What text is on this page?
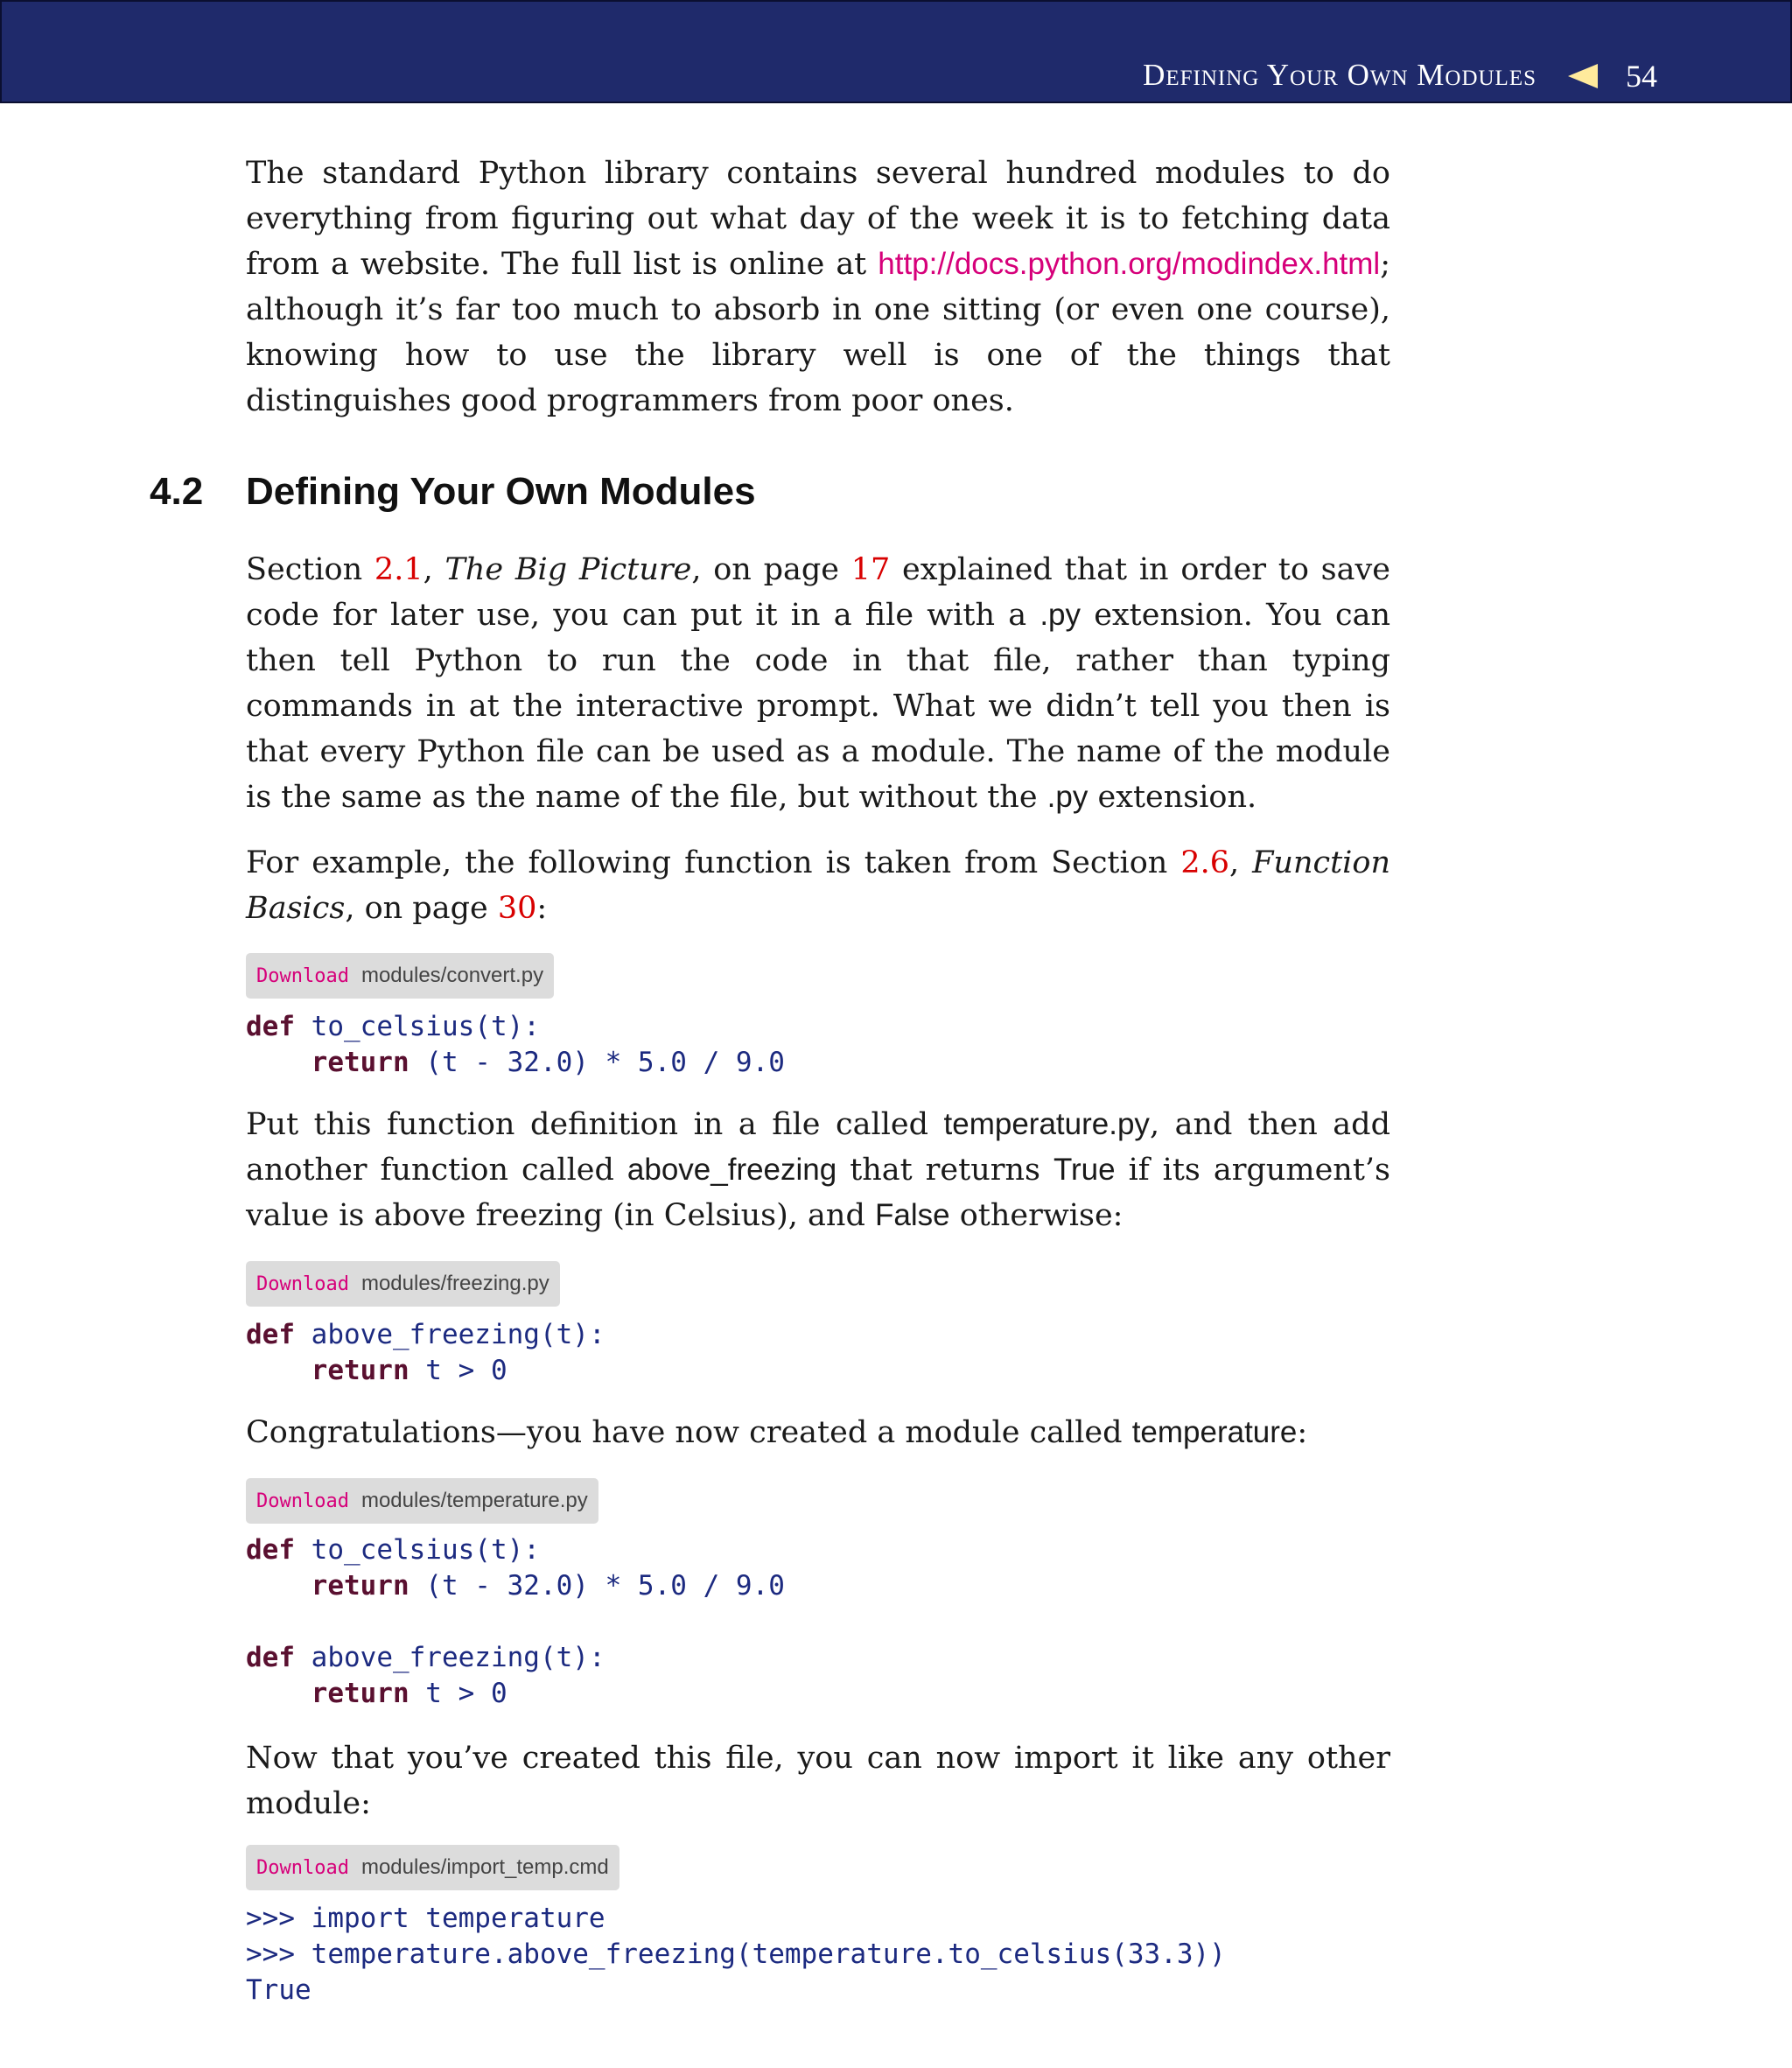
Defining Your Own Modules	54

The standard Python library contains several hundred modules to do everything from figuring out what day of the week it is to fetching data from a website. The full list is online at http://docs.python.org/modindex.html; although it’s far too much to absorb in one sitting (or even one course), knowing how to use the library well is one of the things that distinguishes good programmers from poor ones.

4.2 Defining Your Own Modules

Section 2.1, The Big Picture, on page 17 explained that in order to save code for later use, you can put it in a file with a .py extension. You can then tell Python to run the code in that file, rather than typing commands in at the interactive prompt. What we didn’t tell you then is that every Python file can be used as a module. The name of the module is the same as the name of the file, but without the .py extension.

For example, the following function is taken from Section 2.6, Function Basics, on page 30:

Download modules/convert.py
def to_celsius(t):
return (t - 32.0) * 5.0 / 9.0

Put this function definition in a file called temperature.py, and then add another function called above_freezing that returns True if its argument’s value is above freezing (in Celsius), and False otherwise:

Download modules/freezing.py
def above_freezing(t):
return t > 0

Congratulations—you have now created a module called temperature:

Download modules/temperature.py
def to_celsius(t):
return (t - 32.0) * 5.0 / 9.0

def above_freezing(t):
return t > 0

Now that you’ve created this file, you can now import it like any other module:

Download modules/import_temp.cmd
>>> import temperature
>>> temperature.above_freezing(temperature.to_celsius(33.3))
True
